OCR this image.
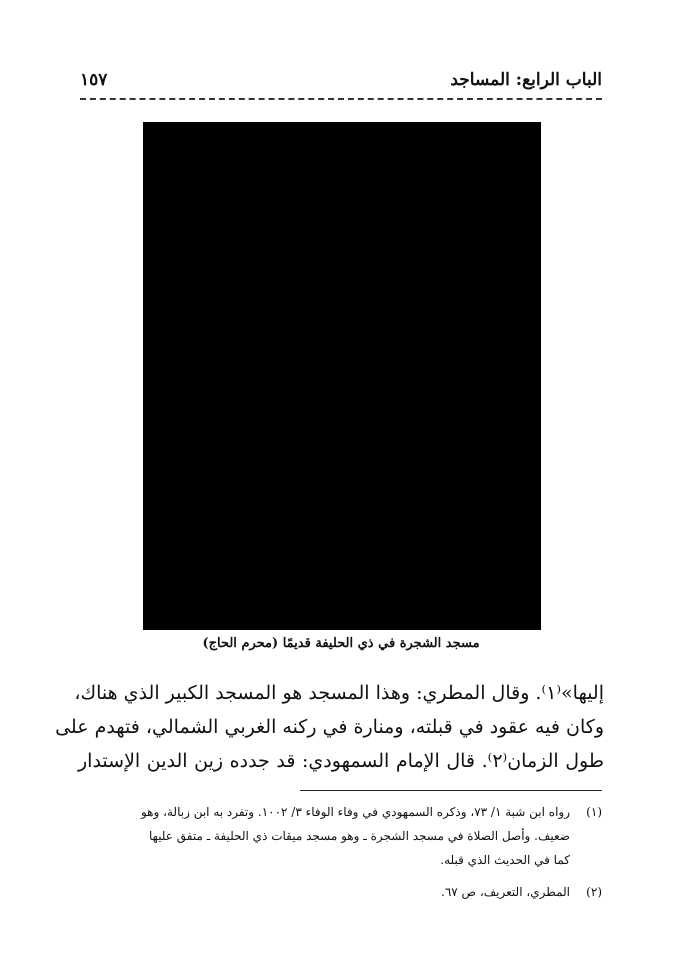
الباب الرابع: المساجد
١٥٧
مسجد الشجرة في ذي الحليفة قديمًا (محرم الحاج)
إليها»⁽١⁾. وقال المطري: وهذا المسجد هو المسجد الكبير الذي هناك،
وكان فيه عقود في قبلته، ومنارة في ركنه الغربي الشمالي، فتهدم على
طول الزمان⁽٢⁾. قال الإمام السمهودي: قد جدده زين الدين الإستدار
(١)رواه ابن شبة ١/ ٧٣، وذكره السمهودي في وفاء الوفاء ٣/ ١٠٠٢. وتفرد به ابن زبالة، وهو
ضعيف. وأصل الصلاة في مسجد الشجرة ـ وهو مسجد ميقات ذي الحليفة ـ متفق عليها
كما في الحديث الذي قبله.
(٢)المطري، التعريف، ص ٦٧.
